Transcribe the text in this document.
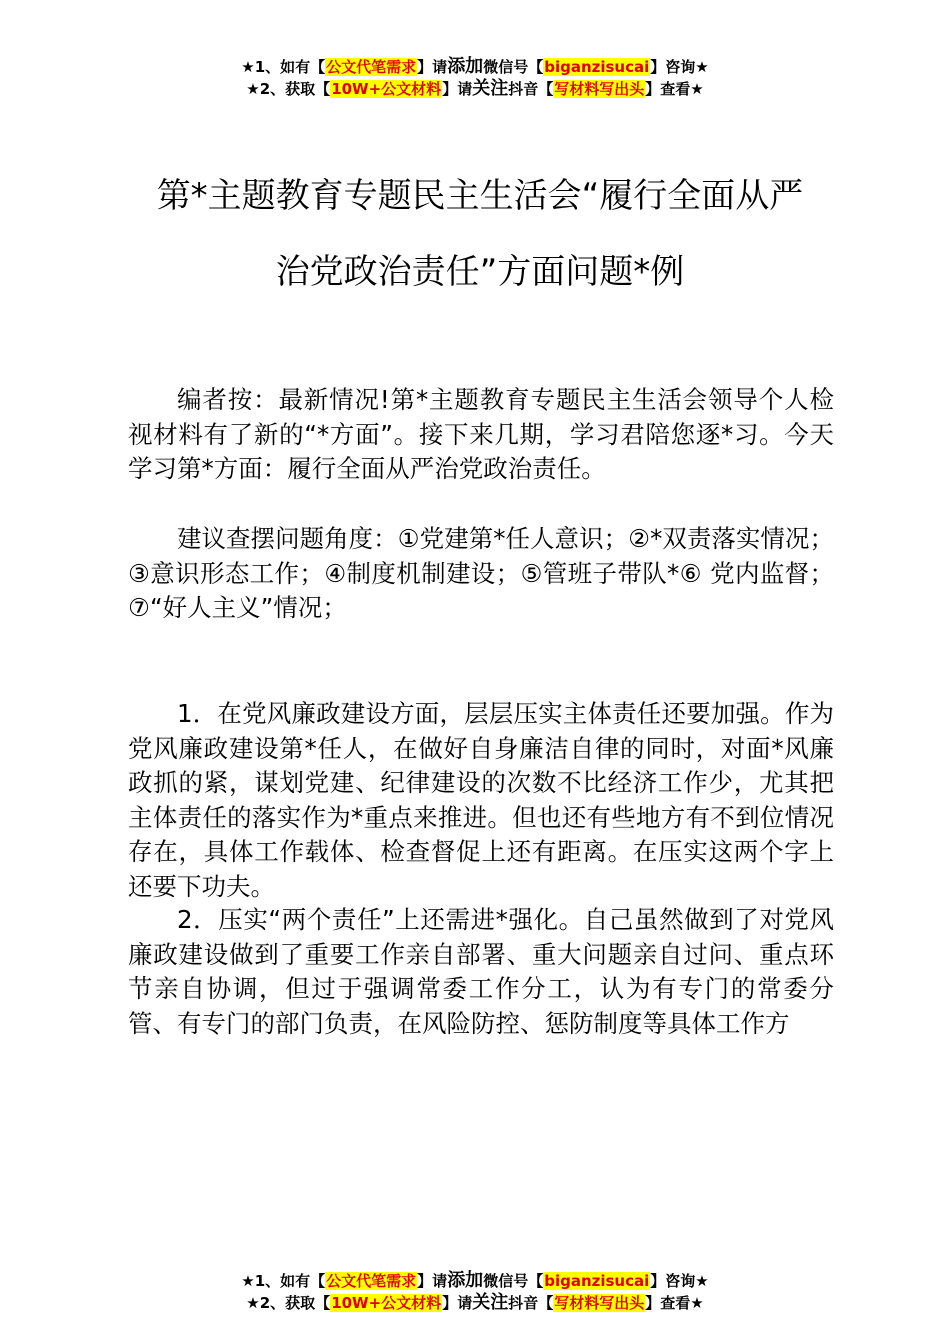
★1、如有【公文代笔需求】请添加微信号【biganzisucai】咨询★
★2、获取【10W+公文材料】请关注抖音【写材料写出头】查看★
第*主题教育专题民主生活会“履行全面从严
治党政治责任”方面问题*例
编者按：最新情况!第*主题教育专题民主生活会领导个人检视材料有了新的“*方面”。接下来几期，学习君陪您逐*习。今天学习第*方面：履行全面从严治党政治责任。
建议查摆问题角度：①党建第*任人意识；②*双责落实情况；③意识形态工作；④制度机制建设；⑤管班子带队*⑥ 党内监督；⑦“好人主义”情况；
1．在党风廉政建设方面，层层压实主体责任还要加强。作为党风廉政建设第*任人，在做好自身廉洁自律的同时，对面*风廉政抓的紧，谋划党建、纪律建设的次数不比经济工作少，尤其把主体责任的落实作为*重点来推进。但也还有些地方有不到位情况存在，具体工作载体、检查督促上还有距离。在压实这两个字上还要下功夫。
2．压实“两个责任”上还需进*强化。自己虽然做到了对党风廉政建设做到了重要工作亲自部署、重大问题亲自过问、重点环节亲自协调，但过于强调常委工作分工，认为有专门的常委分管、有专门的部门负责，在风险防控、惩防制度等具体工作方
★1、如有【公文代笔需求】请添加微信号【biganzisucai】咨询★
★2、获取【10W+公文材料】请关注抖音【写材料写出头】查看★
